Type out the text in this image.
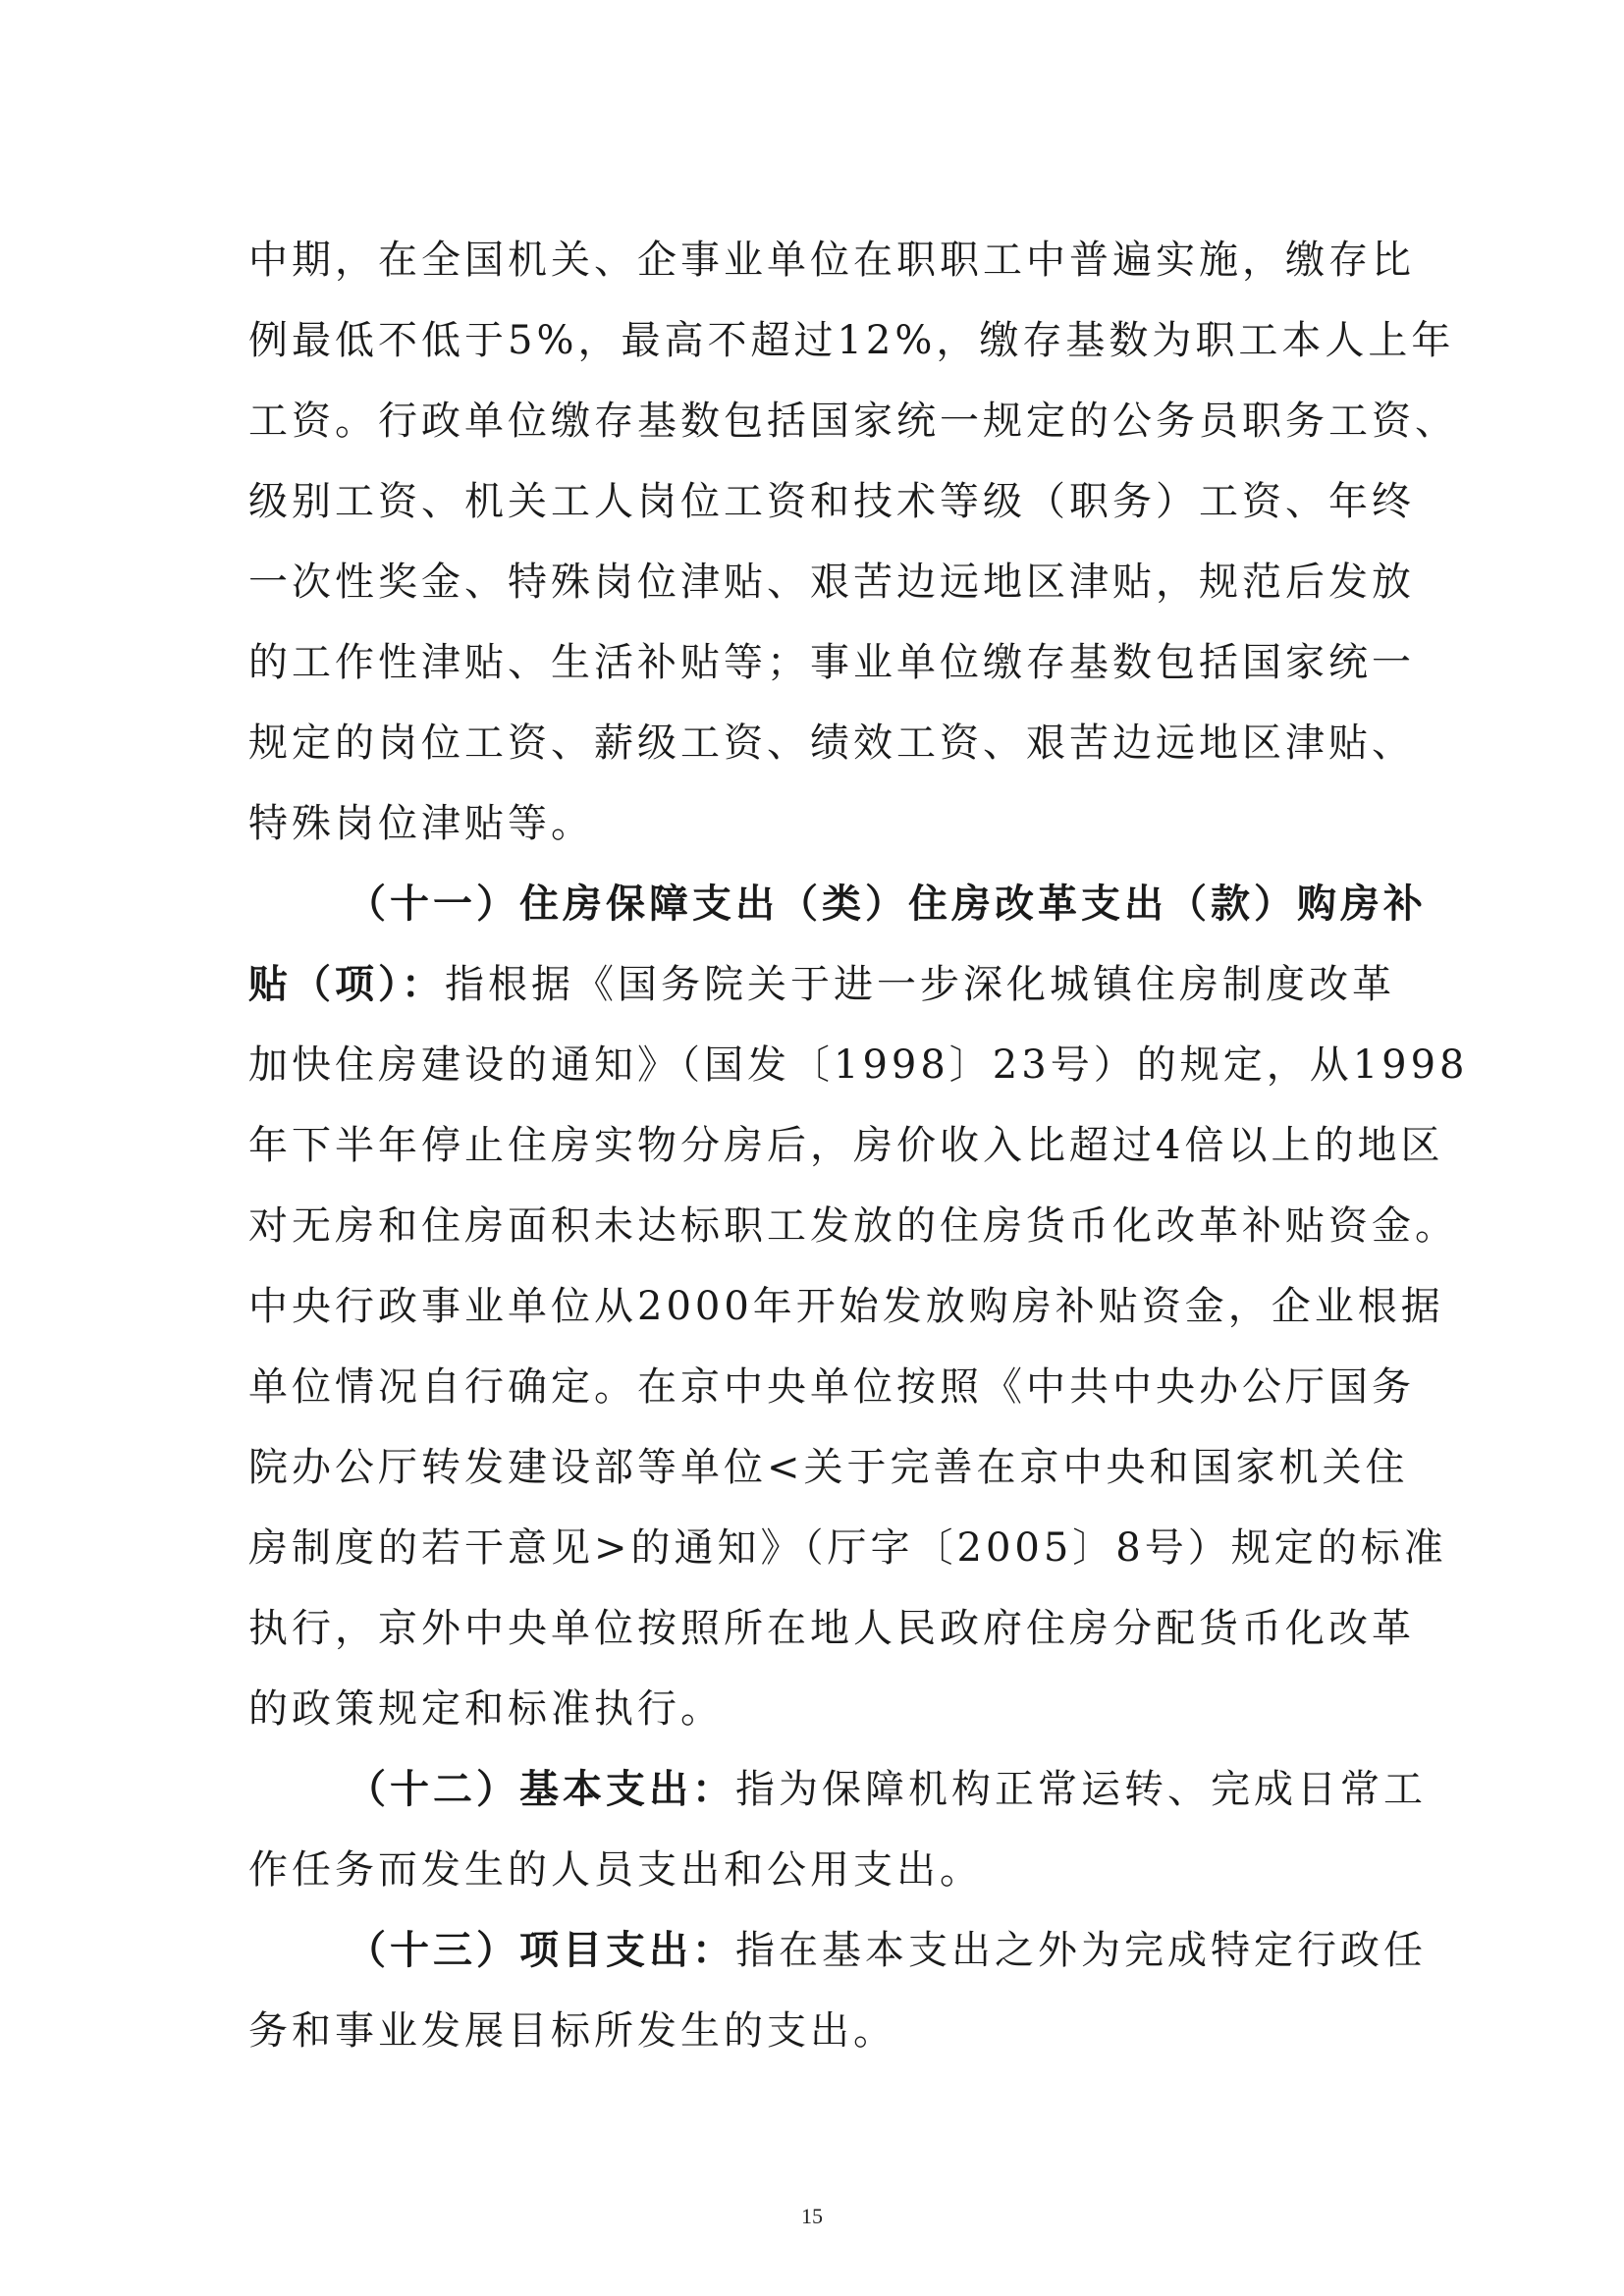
中期，在全国机关、企事业单位在职职工中普遍实施，缴存比
例最低不低于5%，最高不超过12%，缴存基数为职工本人上年
工资。行政单位缴存基数包括国家统一规定的公务员职务工资、
级别工资、机关工人岗位工资和技术等级（职务）工资、年终
一次性奖金、特殊岗位津贴、艰苦边远地区津贴，规范后发放
的工作性津贴、生活补贴等；事业单位缴存基数包括国家统一
规定的岗位工资、薪级工资、绩效工资、艰苦边远地区津贴、
特殊岗位津贴等。
（十一）住房保障支出（类）住房改革支出（款）购房补
贴（项）：指根据《国务院关于进一步深化城镇住房制度改革
加快住房建设的通知》（国发〔1998〕23号）的规定，从1998
年下半年停止住房实物分房后，房价收入比超过4倍以上的地区
对无房和住房面积未达标职工发放的住房货币化改革补贴资金。
中央行政事业单位从2000年开始发放购房补贴资金，企业根据
单位情况自行确定。在京中央单位按照《中共中央办公厅国务
院办公厅转发建设部等单位<关于完善在京中央和国家机关住
房制度的若干意见>的通知》（厅字〔2005〕8号）规定的标准
执行，京外中央单位按照所在地人民政府住房分配货币化改革
的政策规定和标准执行。
（十二）基本支出：指为保障机构正常运转、完成日常工
作任务而发生的人员支出和公用支出。
（十三）项目支出：指在基本支出之外为完成特定行政任
务和事业发展目标所发生的支出。
15
